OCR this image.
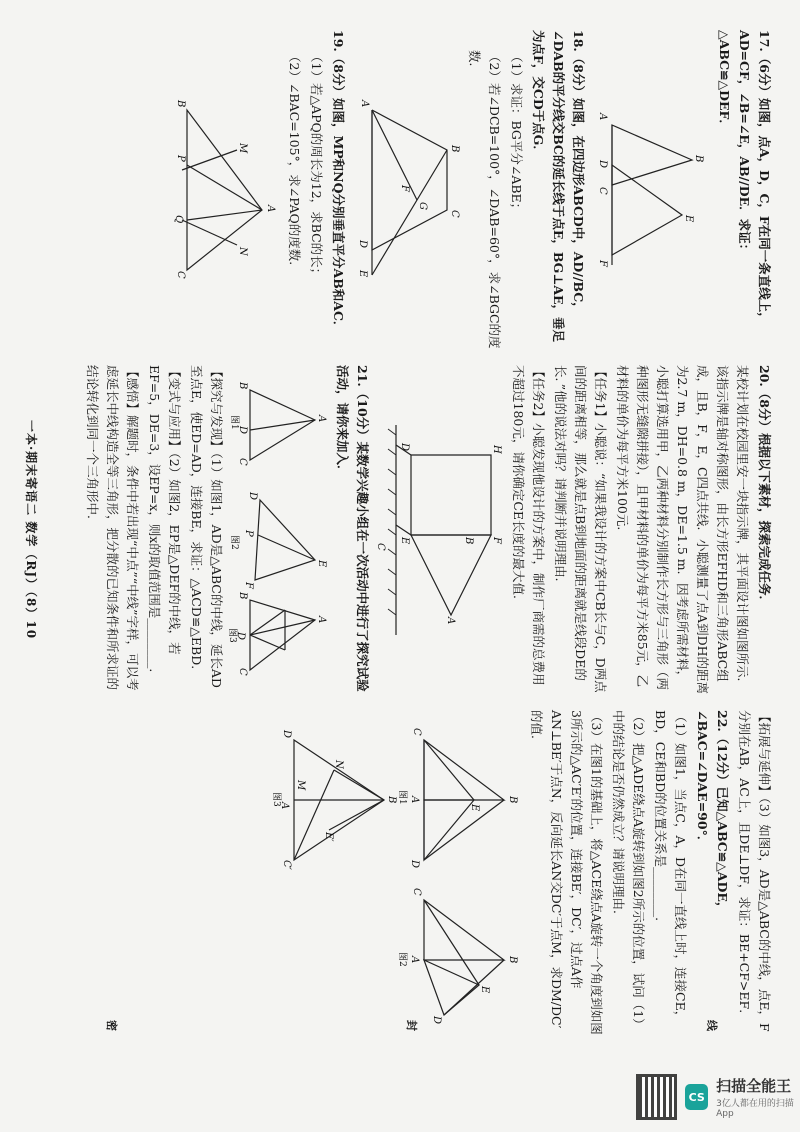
17.（6分）如图，点A，D，C，F在同一条直线上，AD=CF，∠B=∠E，AB//DE．求证：△ABC≌△DEF．

A
D
C
F
B
E

18.（8分）如图，在四边形ABCD中，AD//BC，∠DAB的平分线交BC的延长线于点E，BG⊥AE，垂足为点F，交CD于点G．

（1）求证：BG平分∠ABE；

（2）若∠DCB=100°，∠DAB=60°，求∠BGC的度数．

A
B
C
E
D
G
F

19.（8分）如图，MP和NQ分别垂直平分AB和AC．

（1）若△APQ的周长为12，求BC的长；

（2）∠BAC=105°，求∠PAQ的度数．

B
C
A
P
Q
M
N

20.（8分）根据以下素材，探索完成任务．

某校计划在校园里安一块指示牌，其平面设计图如图所示．该指示牌是轴对称图形，由长方形EFHD和三角形ABC组成，且B，F，E，C四点共线．小聪测量了点A到DH的距离为2.7 m，DH=0.8 m，DE=1.5 m．因考虑所需材料，小聪打算选用甲，乙两种材料分别制作长方形与三角形（两种图形无缝隙拼接），且甲材料的单价为每平方米85元，乙材料的单价为每平方米100元．

【任务1】小聪说：“如果我设计的方案中CB长与C，D两点间的距离相等，那么就是点B到地面的距离就是线段DE的长．”他的说法对吗？请判断并说明理由．

【任务2】小聪发现他设计的方案中，制作厂商需的总费用不超过180元，请你确定CE长度的最大值．

H
F
A
D
E
C
B

21.（10分）某数学兴趣小组在一次活动中进行了探究试验活动，请你来加入．

A
B
C
D
图1
D
E
F
P
图2
A
B
C
D
图3

【探究与发现】（1）如图1，AD是△ABC的中线，延长AD至点E，使ED=AD，连接BE，求证：△ACD≌△EBD．

【变式与应用】（2）如图2，EP是△DEF的中线，若EF=5，DE=3，设EP=x，则x的取值范围是________．

【感悟】解题时，条件中若出现“中点”“中线”字样，可以考虑延长中线构造全等三角形，把分散的已知条件和所求证的结论转化到同一个三角形中．

【拓展与延伸】（3）如图3，AD是△ABC的中线，点E，F分别在AB，AC上，且DE⊥DF，求证：BE+CF>EF．

22.（12分）已知△ABC≌△ADE，∠BAC=∠DAE=90°．

（1）如图1，当点C，A，D在同一直线上时，连接CE，BD，CE和BD的位置关系是________．

（2）把△ADE绕点A旋转到如图2所示的位置，试问（1）中的结论是否仍然成立？请说明理由．

（3）在图1的基础上，将△ACE绕点A旋转一个角度到如图3所示的△AC′E′的位置，连接BE′，DC′，过点A作AN⊥BE′于点N，反向延长AN交DC′于点M，求DM/DC′的值．

C
B
A
D
E
图1
C
B
A
D
E
图2
B
D
C′
E′
N
A
M
图3
一本·期末寄语二 数学（RJ）（8）10
线
封
密
CS
扫描全能王
3亿人都在用的扫描App
